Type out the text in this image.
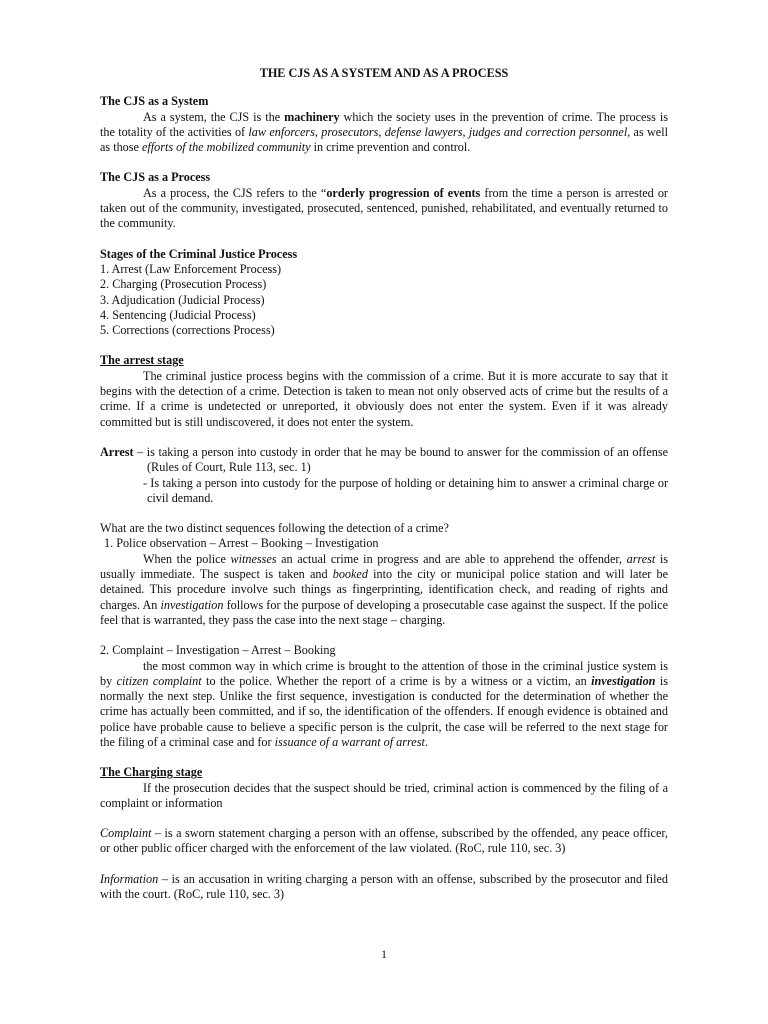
THE CJS AS A SYSTEM AND AS A PROCESS
The CJS as a System

As a system, the CJS is the machinery which the society uses in the prevention of crime. The process is the totality of the activities of law enforcers, prosecutors, defense lawyers, judges and correction personnel, as well as those efforts of the mobilized community in crime prevention and control.

The CJS as a Process

As a process, the CJS refers to the “orderly progression of events from the time a person is arrested or taken out of the community, investigated, prosecuted, sentenced, punished, rehabilitated, and eventually returned to the community.

Stages of the Criminal Justice Process
1. Arrest (Law Enforcement Process)
2. Charging (Prosecution Process)
3. Adjudication (Judicial Process)
4. Sentencing (Judicial Process)
5. Corrections (corrections Process)
The arrest stage

The criminal justice process begins with the commission of a crime. But it is more accurate to say that it begins with the detection of a crime. Detection is taken to mean not only observed acts of crime but the results of a crime. If a crime is undetected or unreported, it obviously does not enter the system. Even if it was already committed but is still undiscovered, it does not enter the system.

Arrest – is taking a person into custody in order that he may be bound to answer for the commission of an offense (Rules of Court, Rule 113, sec. 1)

- Is taking a person into custody for the purpose of holding or detaining him to answer a criminal charge or civil demand.

What are the two distinct sequences following the detection of a crime?

1. Police observation – Arrest – Booking – Investigation

When the police witnesses an actual crime in progress and are able to apprehend the offender, arrest is usually immediate. The suspect is taken and booked into the city or municipal police station and will later be detained. This procedure involve such things as fingerprinting, identification check, and reading of rights and charges. An investigation follows for the purpose of developing a prosecutable case against the suspect. If the police feel that is warranted, they pass the case into the next stage – charging.

2. Complaint – Investigation – Arrest – Booking

the most common way in which crime is brought to the attention of those in the criminal justice system is by citizen complaint to the police. Whether the report of a crime is by a witness or a victim, an investigation is normally the next step. Unlike the first sequence, investigation is conducted for the determination of whether the crime has actually been committed, and if so, the identification of the offenders. If enough evidence is obtained and police have probable cause to believe a specific person is the culprit, the case will be referred to the next stage for the filing of a criminal case and for issuance of a warrant of arrest.

The Charging stage

If the prosecution decides that the suspect should be tried, criminal action is commenced by the filing of a complaint or information

Complaint – is a sworn statement charging a person with an offense, subscribed by the offended, any peace officer, or other public officer charged with the enforcement of the law violated. (RoC, rule 110, sec. 3)

Information – is an accusation in writing charging a person with an offense, subscribed by the prosecutor and filed with the court. (RoC, rule 110, sec. 3)

1
